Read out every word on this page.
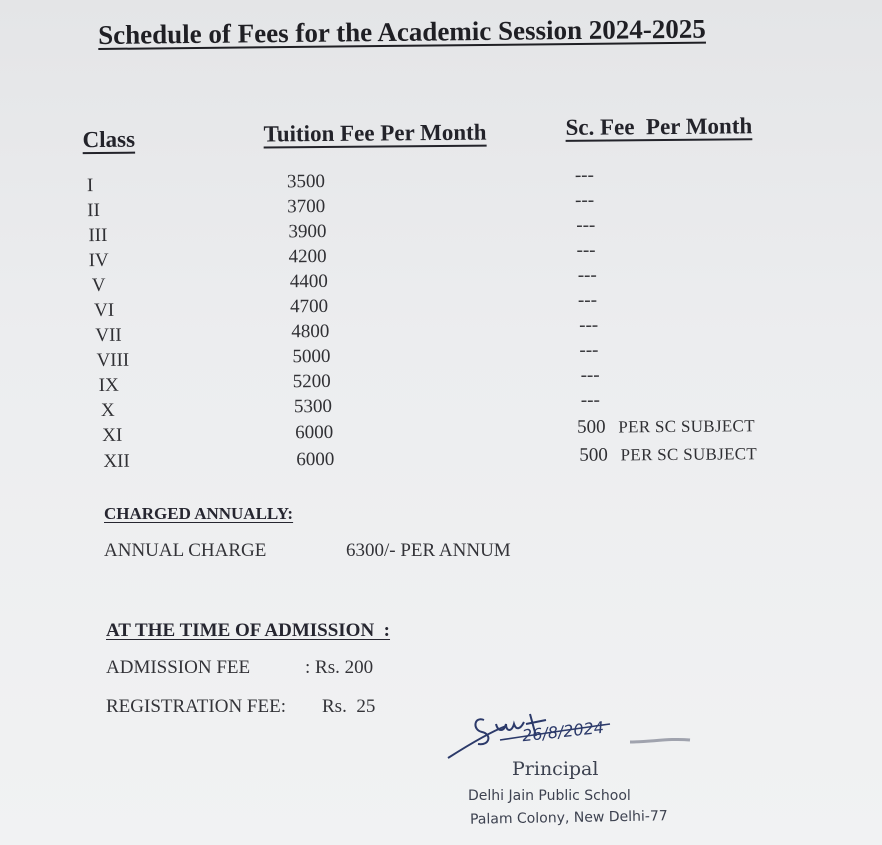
Schedule of Fees for the Academic Session 2024-2025
Class	Tuition Fee Per Month	Sc. Fee  Per Month
I	3500	---
II	3700	---
III	3900	---
IV	4200	---
V	4400	---
VI	4700	---
VII	4800	---
VIII	5000	---
IX	5200	---
X	5300	---
XI	6000	500 PER SC SUBJECT
XII	6000	500 PER SC SUBJECT
CHARGED ANNUALLY:
ANNUAL CHARGE	6300/- PER ANNUM
AT THE TIME OF ADMISSION  :
ADMISSION FEE	: Rs. 200
REGISTRATION FEE: Rs.  25
26/8/2024
Principal
Delhi Jain Public School
Palam Colony, New Delhi-77
